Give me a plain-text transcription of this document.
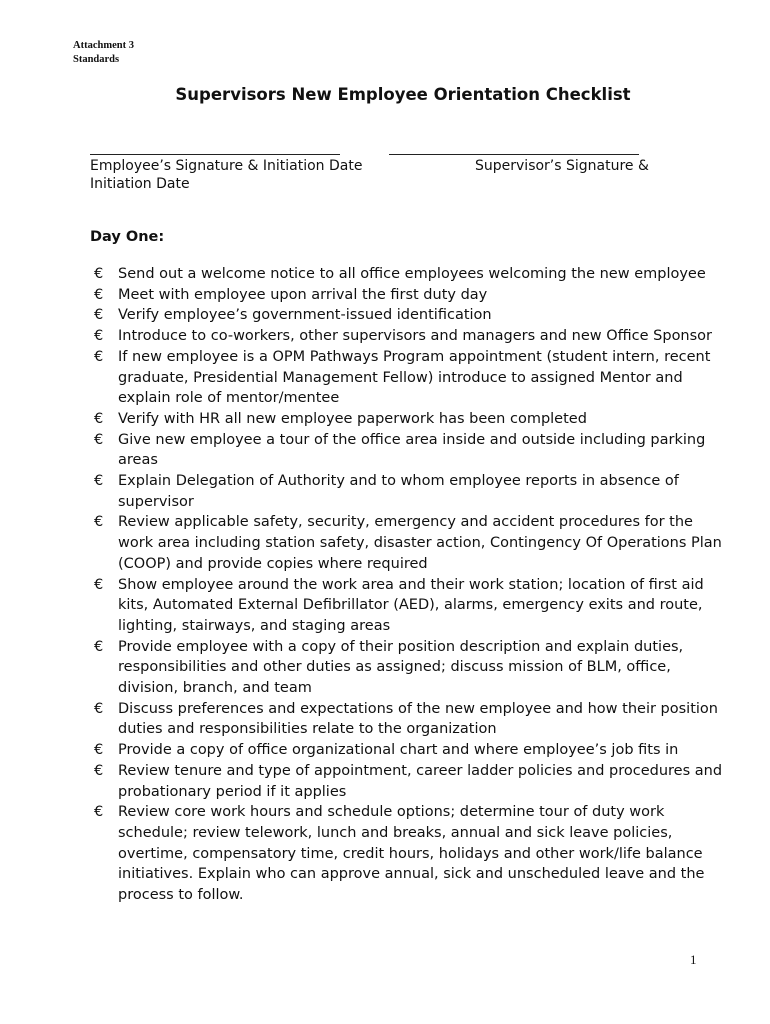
Attachment 3
Standards
Supervisors New Employee Orientation Checklist
Employee’s Signature & Initiation Date	Supervisor’s Signature &
Initiation Date
Day One:
€	Send out a welcome notice to all office employees welcoming the new employee
€	Meet with employee upon arrival the first duty day
€	Verify employee’s government-issued identification
€	Introduce to co-workers, other supervisors and managers and new Office Sponsor
€	If new employee is a OPM Pathways Program appointment (student intern, recent graduate, Presidential Management Fellow) introduce to assigned Mentor and explain role of mentor/mentee
€	Verify with HR all new employee paperwork has been completed
€	Give new employee a tour of the office area inside and outside including parking areas
€	Explain Delegation of Authority and to whom employee reports in absence of supervisor
€	Review applicable safety, security, emergency and accident procedures for the work area including station safety, disaster action, Contingency Of Operations Plan (COOP) and provide copies where required
€	Show employee around the work area and their work station; location of first aid kits, Automated External Defibrillator (AED), alarms, emergency exits and route, lighting, stairways, and staging areas
€	Provide employee with a copy of their position description and explain duties, responsibilities and other duties as assigned; discuss mission of BLM, office, division, branch, and team
€	Discuss preferences and expectations of the new employee and how their position duties and responsibilities relate to the organization
€	Provide a copy of office organizational chart and where employee’s job fits in
€	Review tenure and type of appointment, career ladder policies and procedures and probationary period if it applies
€	Review core work hours and schedule options; determine tour of duty work schedule; review telework, lunch and breaks, annual and sick leave policies, overtime, compensatory time, credit hours, holidays and other work/life balance initiatives. Explain who can approve annual, sick and unscheduled leave and the process to follow.
1
